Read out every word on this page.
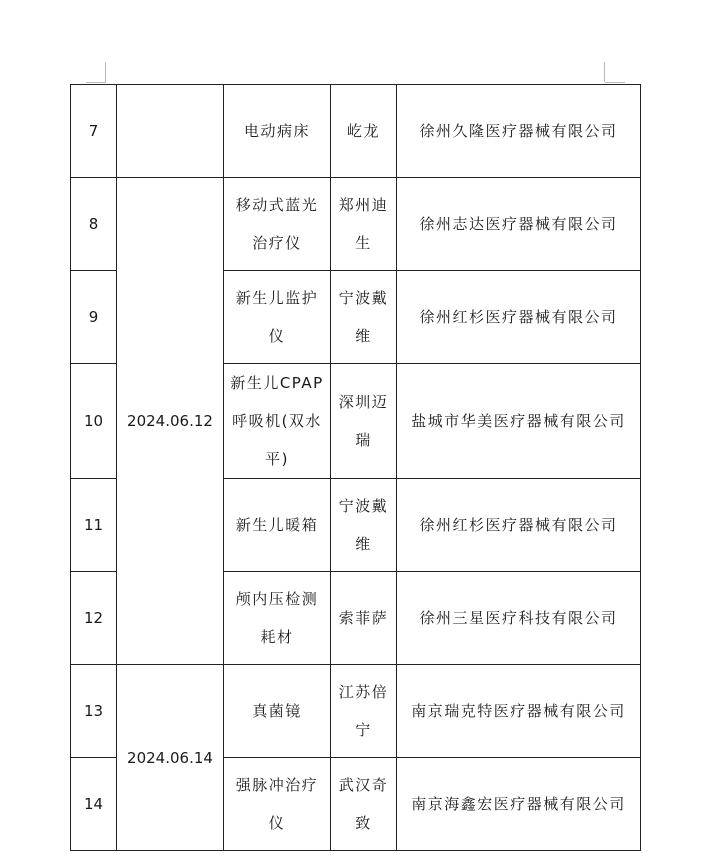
7		电动病床	屹龙	徐州久隆医疗器械有限公司
8	2024.06.12	移动式蓝光治疗仪	郑州迪生	徐州志达医疗器械有限公司
9		新生儿监护仪	宁波戴维	徐州红杉医疗器械有限公司
10		新生儿CPAP呼吸机(双水平)	深圳迈瑞	盐城市华美医疗器械有限公司
11		新生儿暖箱	宁波戴维	徐州红杉医疗器械有限公司
12		颅内压检测耗材	索菲萨	徐州三星医疗科技有限公司
13	2024.06.14	真菌镜	江苏倍宁	南京瑞克特医疗器械有限公司
14		强脉冲治疗仪	武汉奇致	南京海鑫宏医疗器械有限公司
